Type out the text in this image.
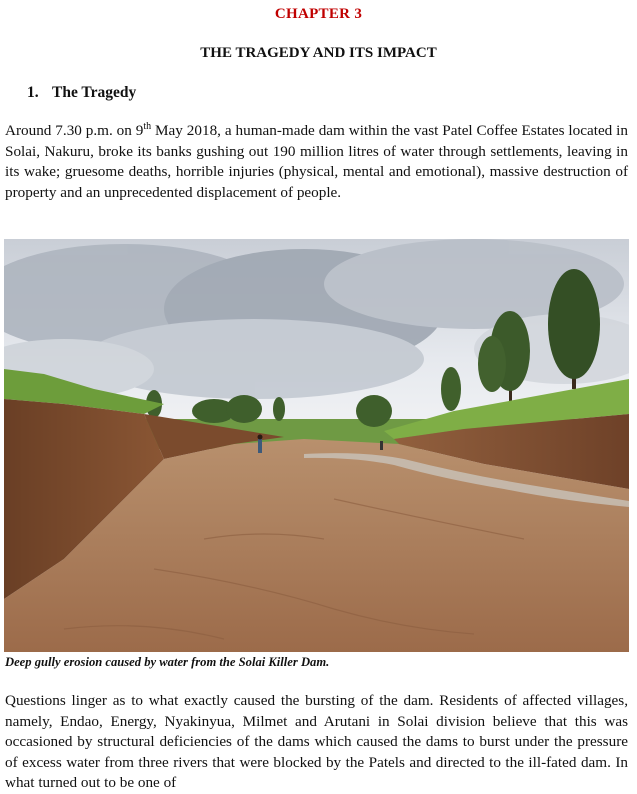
CHAPTER 3
THE TRAGEDY AND ITS IMPACT
1. The Tragedy

Around 7.30 p.m. on 9th May 2018, a human-made dam within the vast Patel Coffee Estates located in Solai, Nakuru, broke its banks gushing out 190 million litres of water through settlements, leaving in its wake; gruesome deaths, horrible injuries (physical, mental and emotional), massive destruction of property and an unprecedented displacement of people.

Deep gully erosion caused by water from the Solai Killer Dam.

Questions linger as to what exactly caused the bursting of the dam. Residents of affected villages, namely, Endao, Energy, Nyakinyua, Milmet and Arutani in Solai division believe that this was occasioned by structural deficiencies of the dams which caused the dams to burst under the pressure of excess water from three rivers that were blocked by the Patels and directed to the ill-fated dam. In what turned out to be one of
